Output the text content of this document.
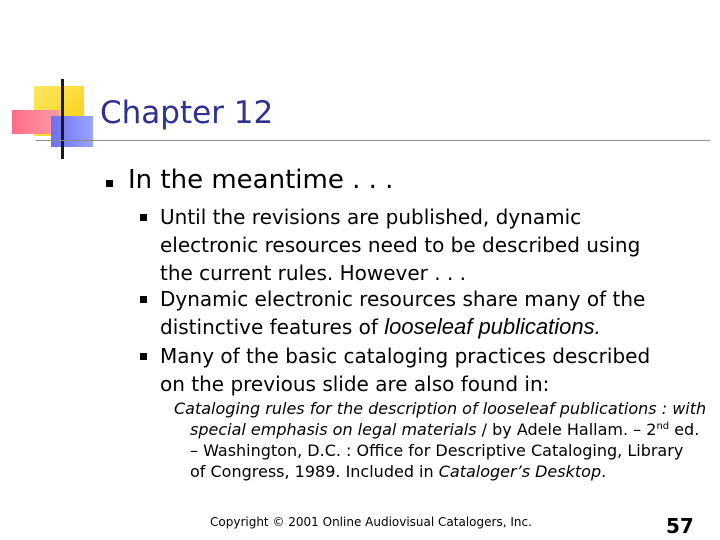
Chapter 12
In the meantime . . .
Until the revisions are published, dynamic
electronic resources need to be described using
the current rules. However . . .
Dynamic electronic resources share many of the
distinctive features of looseleaf publications.
Many of the basic cataloging practices described
on the previous slide are also found in:
Cataloging rules for the description of looseleaf publications : with
special emphasis on legal materials / by Adele Hallam. – 2nd ed.
– Washington, D.C. : Office for Descriptive Cataloging, Library
of Congress, 1989. Included in Cataloger’s Desktop.
Copyright © 2001 Online Audiovisual Catalogers, Inc.	57
